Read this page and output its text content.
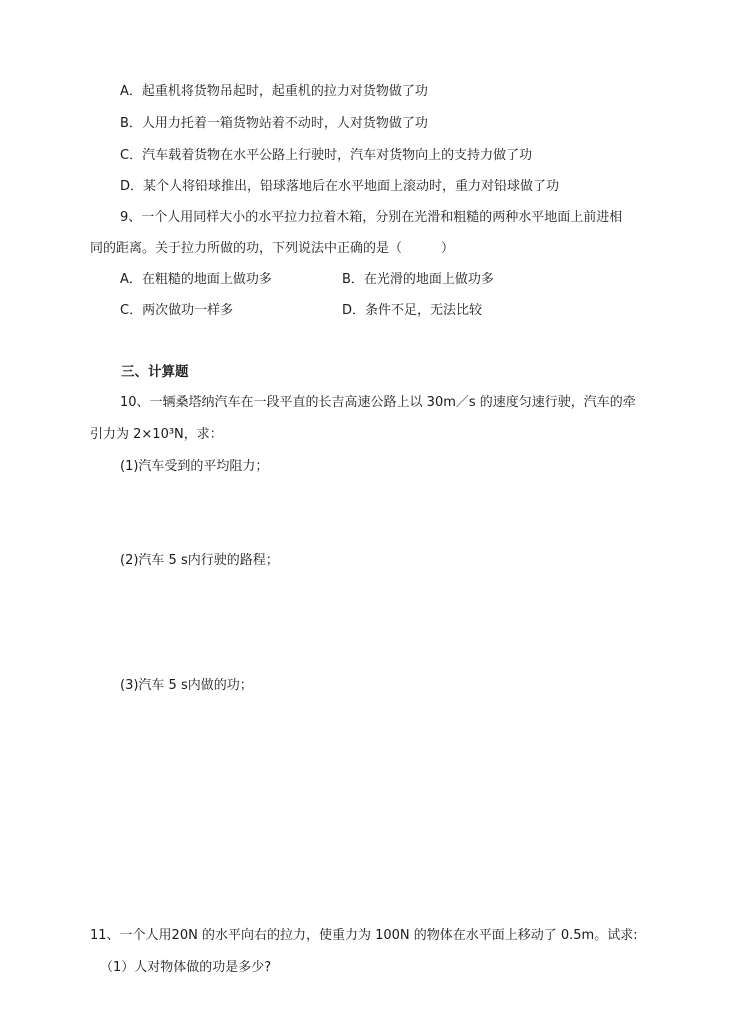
A．起重机将货物吊起时，起重机的拉力对货物做了功
B．人用力托着一箱货物站着不动时，人对货物做了功
C．汽车载着货物在水平公路上行驶时，汽车对货物向上的支持力做了功
D．某个人将铅球推出，铅球落地后在水平地面上滚动时，重力对铅球做了功
9、一个人用同样大小的水平拉力拉着木箱，分别在光滑和粗糙的两种水平地面上前进相
同的距离。关于拉力所做的功，下列说法中正确的是（　　　）
A．在粗糙的地面上做功多	B．在光滑的地面上做功多
C．两次做功一样多	D．条件不足，无法比较
三、计算题
10、一辆桑塔纳汽车在一段平直的长吉高速公路上以 30m／s 的速度匀速行驶，汽车的牵
引力为 2×10³N，求：
(1)汽车受到的平均阻力；
(2)汽车 5 s内行驶的路程；
(3)汽车 5 s内做的功；
11、一个人用20N 的水平向右的拉力，使重力为 100N 的物体在水平面上移动了 0.5m。试求:
（1）人对物体做的功是多少?
